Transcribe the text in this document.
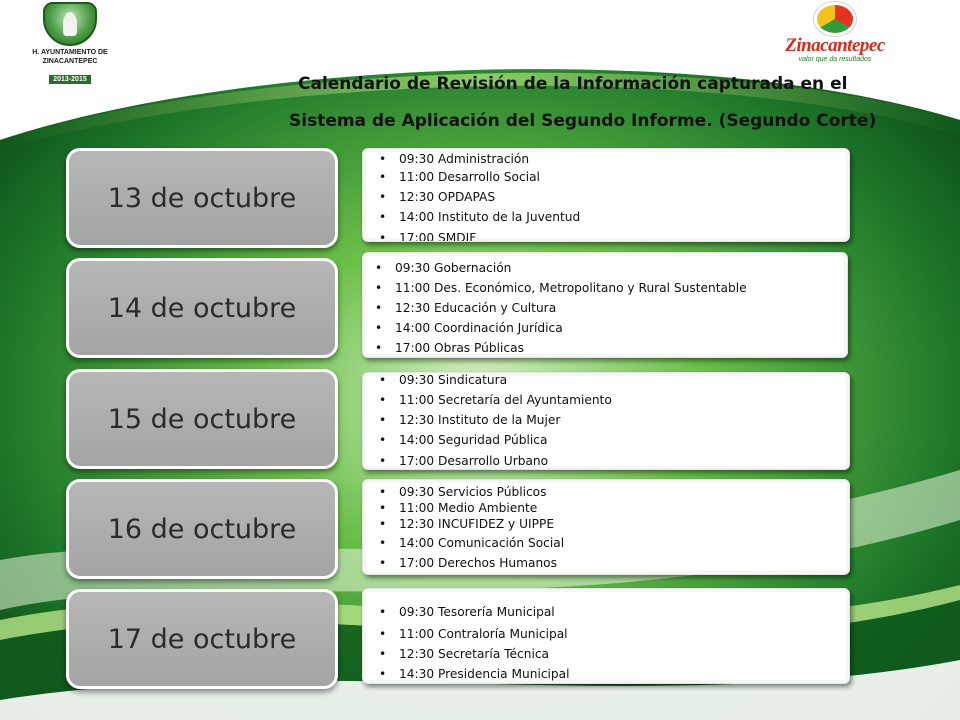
H. AYUNTAMIENTO DE
ZINACANTEPEC
2013-2015
Zinacantepec
valor que da resultados
Calendario de Revisión de la Información capturada en el
Sistema de Aplicación del Segundo Informe. (Segundo Corte)
13 de octubre
• 09:30 Administración
• 11:00 Desarrollo Social
• 12:30 OPDAPAS
• 14:00 Instituto de la Juventud
• 17:00 SMDIF
14 de octubre
• 09:30 Gobernación
• 11:00 Des. Económico, Metropolitano y Rural Sustentable
• 12:30 Educación y Cultura
• 14:00 Coordinación Jurídica
• 17:00 Obras Públicas
15 de octubre
• 09:30 Sindicatura
• 11:00 Secretaría del Ayuntamiento
• 12:30 Instituto de la Mujer
• 14:00 Seguridad Pública
• 17:00 Desarrollo Urbano
16 de octubre
• 09:30 Servicios Públicos
• 11:00 Medio Ambiente
• 12:30 INCUFIDEZ y UIPPE
• 14:00 Comunicación Social
• 17:00 Derechos Humanos
17 de octubre
• 09:30 Tesorería Municipal
• 11:00 Contraloría Municipal
• 12:30 Secretaría Técnica
• 14:30 Presidencia Municipal
